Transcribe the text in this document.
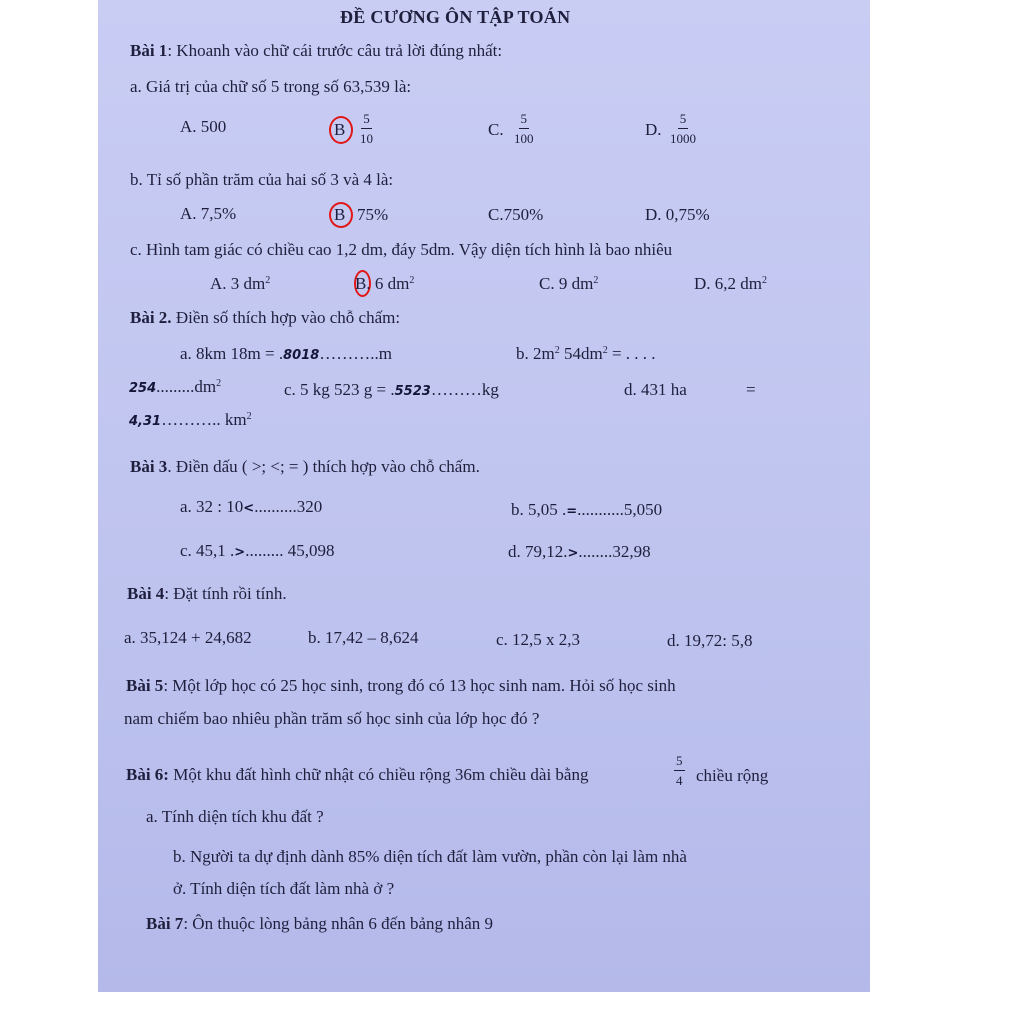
ĐỀ CƯƠNG ÔN TẬP TOÁN
Bài 1: Khoanh vào chữ cái trước câu trả lời đúng nhất:
a. Giá trị của chữ số 5 trong số 63,539 là:
A. 500	B $\frac{5}{10}$	C. $\frac{5}{100}$	D. $\frac{5}{1000}$
b. Tỉ số phần trăm của hai số 3 và 4 là:
A. 7,5%	B 75%	C.750%	D. 0,75%
c. Hình tam giác có chiều cao 1,2 dm, đáy 5dm. Vậy diện tích hình là bao nhiêu
A. 3 $dm^2$	B. 6 $dm^2$	C. 9 $dm^2$	D. 6,2 $dm^2$
Bài 2. Điền số thích hợp vào chỗ chấm:
a. 8km 18m = .8018………..m	b. $2m^2$ $54dm^2$ = . . . .
$254.........dm^2$	c. 5 kg 523 g = .5523………kg	d. 431 ha	=
4,31……….. $km^2$
Bài 3. Điền dấu ( >; <; = ) thích hợp vào chỗ chấm.
a. 32 : 10<..........320	b. 5,05 .=...........5,050
c. 45,1 .>......... 45,098	d. 79,12.>........32,98
Bài 4: Đặt tính rồi tính.
a. 35,124 + 24,682	b. 17,42 – 8,624	c. 12,5 x 2,3	d. 19,72: 5,8
Bài 5: Một lớp học có 25 học sinh, trong đó có 13 học sinh nam. Hỏi số học sinh
nam chiếm bao nhiêu phần trăm số học sinh của lớp học đó ?
Bài 6: Một khu đất hình chữ nhật có chiều rộng 36m chiều dài bằng	$\frac{5}{4}$ chiều rộng
a. Tính diện tích khu đất ?
b. Người ta dự định dành 85% diện tích đất làm vườn, phần còn lại làm nhà
ở. Tính diện tích đất làm nhà ở ?
Bài 7: Ôn thuộc lòng bảng nhân 6 đến bảng nhân 9
